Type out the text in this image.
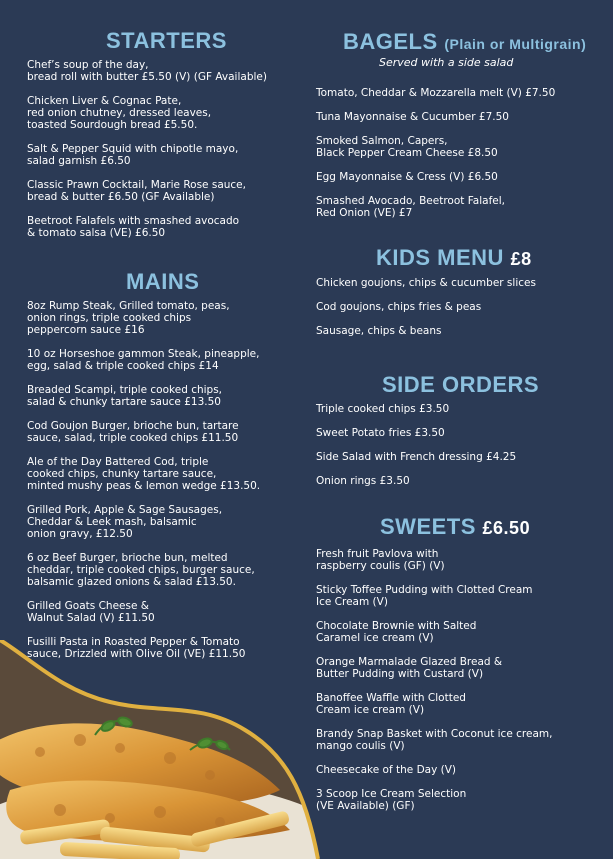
STARTERS
Chef’s soup of the day,
bread roll with butter £5.50 (V) (GF Available)
Chicken Liver & Cognac Pate,
red onion chutney, dressed leaves,
toasted Sourdough bread £5.50.
Salt & Pepper Squid with chipotle mayo,
salad garnish £6.50
Classic Prawn Cocktail, Marie Rose sauce,
bread & butter £6.50 (GF Available)
Beetroot Falafels with smashed avocado
& tomato salsa (VE) £6.50
MAINS
8oz Rump Steak, Grilled tomato, peas,
onion rings, triple cooked chips
peppercorn sauce £16
10 oz Horseshoe gammon Steak, pineapple,
egg, salad & triple cooked chips £14
Breaded Scampi, triple cooked chips,
salad & chunky tartare sauce £13.50
Cod Goujon Burger, brioche bun, tartare
sauce, salad, triple cooked chips £11.50
Ale of the Day Battered Cod, triple
cooked chips, chunky tartare sauce,
minted mushy peas & lemon wedge £13.50.
Grilled Pork, Apple & Sage Sausages,
Cheddar & Leek mash, balsamic
onion gravy, £12.50
6 oz Beef Burger, brioche bun, melted
cheddar, triple cooked chips, burger sauce,
balsamic glazed onions & salad £13.50.
Grilled Goats Cheese &
Walnut Salad (V) £11.50
Fusilli Pasta in Roasted Pepper & Tomato
sauce, Drizzled with Olive Oil (VE) £11.50
BAGELS (Plain or Multigrain)
Served with a side salad
Tomato, Cheddar & Mozzarella melt (V) £7.50
Tuna Mayonnaise & Cucumber £7.50
Smoked Salmon, Capers,
Black Pepper Cream Cheese £8.50
Egg Mayonnaise & Cress (V) £6.50
Smashed Avocado, Beetroot Falafel,
Red Onion (VE) £7
KIDS MENU £8
Chicken goujons, chips & cucumber slices
Cod goujons, chips fries & peas
Sausage, chips & beans
SIDE ORDERS
Triple cooked chips £3.50
Sweet Potato fries £3.50
Side Salad with French dressing £4.25
Onion rings £3.50
SWEETS £6.50
Fresh fruit Pavlova with
raspberry coulis (GF) (V)
Sticky Toffee Pudding with Clotted Cream
Ice Cream (V)
Chocolate Brownie with Salted
Caramel ice cream (V)
Orange Marmalade Glazed Bread &
Butter Pudding with Custard (V)
Banoffee Waffle with Clotted
Cream ice cream (V)
Brandy Snap Basket with Coconut ice cream,
mango coulis (V)
Cheesecake of the Day (V)
3 Scoop Ice Cream Selection
(VE Available) (GF)
